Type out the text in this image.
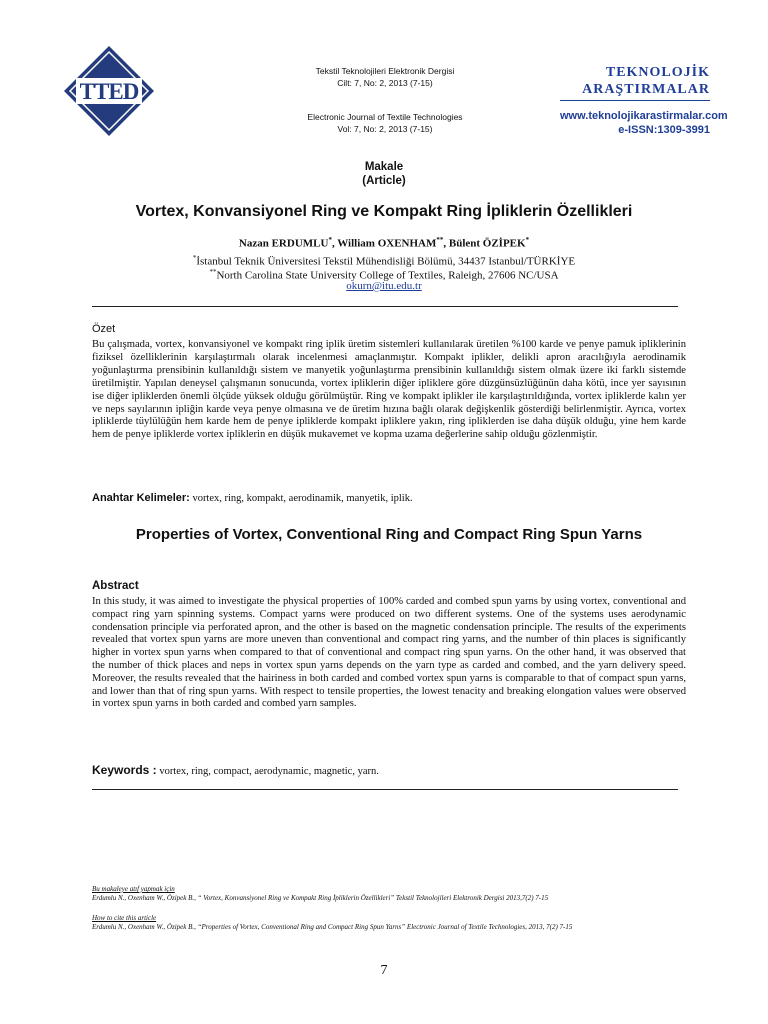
TTED
Tekstil Teknolojileri Elektronik Dergisi
Cilt: 7, No: 2, 2013 (7-15)
Electronic Journal of Textile Technologies
Vol: 7, No: 2, 2013 (7-15)
TEKNOLOJİK
ARAŞTIRMALAR
www.teknolojikarastirmalar.com
e-ISSN:1309-3991
Makale
(Article)
Vortex, Konvansiyonel Ring ve Kompakt Ring İpliklerin Özellikleri
Nazan ERDUMLU*, William OXENHAM**, Bülent ÖZİPEK*
*İstanbul Teknik Üniversitesi Tekstil Mühendisliği Bölümü, 34437 Istanbul/TÜRKİYE
**North Carolina State University College of Textiles, Raleigh, 27606 NC/USA
okurn@itu.edu.tr
Özet
Bu çalışmada, vortex, konvansiyonel ve kompakt ring iplik üretim sistemleri kullanılarak üretilen %100 karde ve penye pamuk ipliklerinin fiziksel özelliklerinin karşılaştırmalı olarak incelenmesi amaçlanmıştır. Kompakt iplikler, delikli apron aracılığıyla aerodinamik yoğunlaştırma prensibinin kullanıldığı sistem ve manyetik yoğunlaştırma prensibinin kullanıldığı sistem olmak üzere iki farklı sistemde üretilmiştir. Yapılan deneysel çalışmanın sonucunda, vortex ipliklerin diğer ipliklere göre düzgünsüzlüğünün daha kötü, ince yer sayısının ise diğer ipliklerden önemli ölçüde yüksek olduğu görülmüştür. Ring ve kompakt iplikler ile karşılaştırıldığında, vortex ipliklerde kalın yer ve neps sayılarının ipliğin karde veya penye olmasına ve de üretim hızına bağlı olarak değişkenlik gösterdiği belirlenmiştir. Ayrıca, vortex ipliklerde tüylülüğün hem karde hem de penye ipliklerde kompakt ipliklere yakın, ring ipliklerden ise daha düşük olduğu, yine hem karde hem de penye ipliklerde vortex ipliklerin en düşük mukavemet ve kopma uzama değerlerine sahip olduğu gözlenmiştir.
Anahtar Kelimeler: vortex, ring, kompakt, aerodinamik, manyetik, iplik.
Properties of Vortex, Conventional Ring and Compact Ring Spun Yarns
Abstract
In this study, it was aimed to investigate the physical properties of 100% carded and combed spun yarns by using vortex, conventional and compact ring yarn spinning systems. Compact yarns were produced on two different systems. One of the systems uses aerodynamic condensation principle via perforated apron, and the other is based on the magnetic condensation principle. The results of the experiments revealed that vortex spun yarns are more uneven than conventional and compact ring yarns, and the number of thin places is significantly higher in vortex spun yarns when compared to that of conventional and compact ring spun yarns. On the other hand, it was observed that the number of thick places and neps in vortex spun yarns depends on the yarn type as carded and combed, and the yarn delivery speed. Moreover, the results revealed that the hairiness in both carded and combed vortex spun yarns is comparable to that of compact spun yarns, and lower than that of ring spun yarns. With respect to tensile properties, the lowest tenacity and breaking elongation values were observed in vortex spun yarns in both carded and combed yarn samples.
Keywords : vortex, ring, compact, aerodynamic, magnetic, yarn.
Bu makaleye atıf yapmak için
Erdumlu N., Oxenham W., Özipek B., “ Vortex, Konvansiyonel Ring ve Kompakt Ring İpliklerin Özellikleri” Tekstil Teknolojileri Elektronik Dergisi 2013,7(2) 7-15
How to cite this article
Erdumlu N., Oxenham W., Özipek B., “Properties of Vortex, Conventional Ring and Compact Ring Spun Yarns” Electronic Journal of Textile Technologies, 2013, 7(2) 7-15
7
